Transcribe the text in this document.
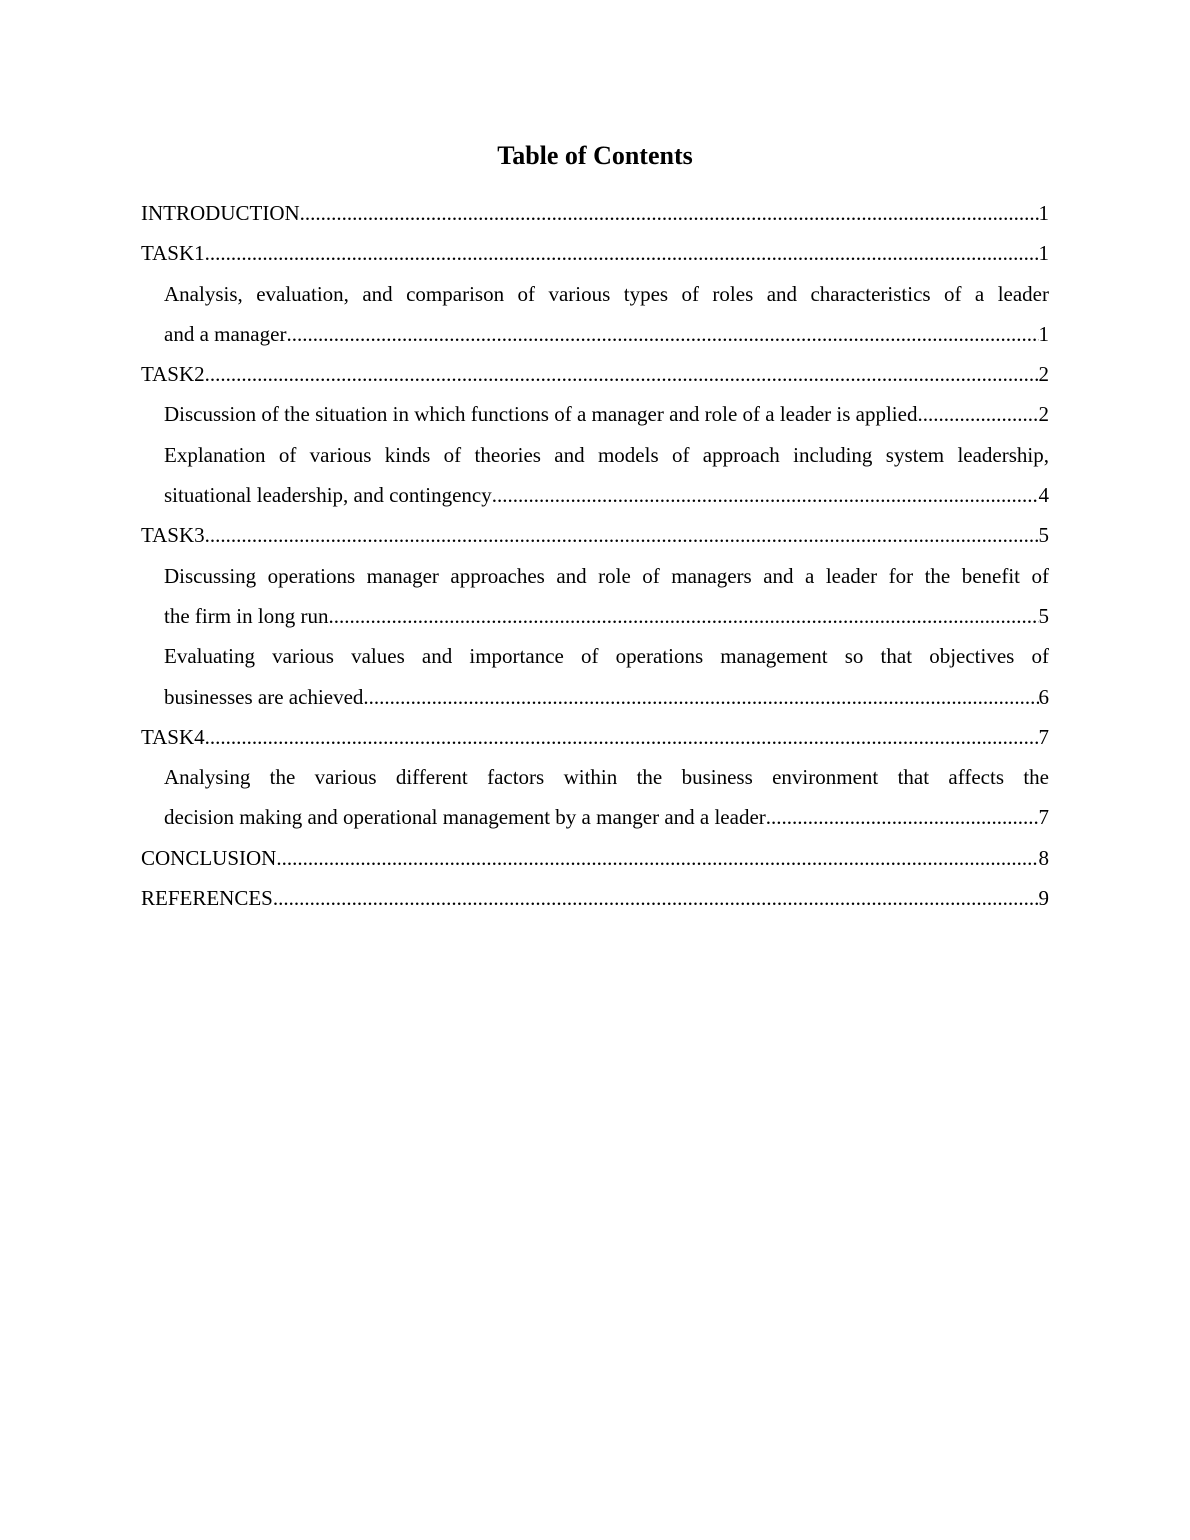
Table of Contents
INTRODUCTION .....	1
TASK1 .....	1
Analysis, evaluation, and comparison of various types of roles and characteristics of a leader
and a manager .....	1
TASK2 .....	2
Discussion of the situation in which functions of a manager and role of a leader is applied .....	2
Explanation of various kinds of theories and models of approach including system leadership,
situational leadership, and contingency .....	4
TASK3 .....	5
Discussing operations manager approaches and role of managers and a leader for the benefit of
the firm in long run .....	5
Evaluating various values and importance of operations management so that objectives of
businesses are achieved .....	6
TASK4 .....	7
Analysing the various different factors within the business environment that affects the
decision making and operational management by a manger and a leader .....	7
CONCLUSION .....	8
REFERENCES .....	9
